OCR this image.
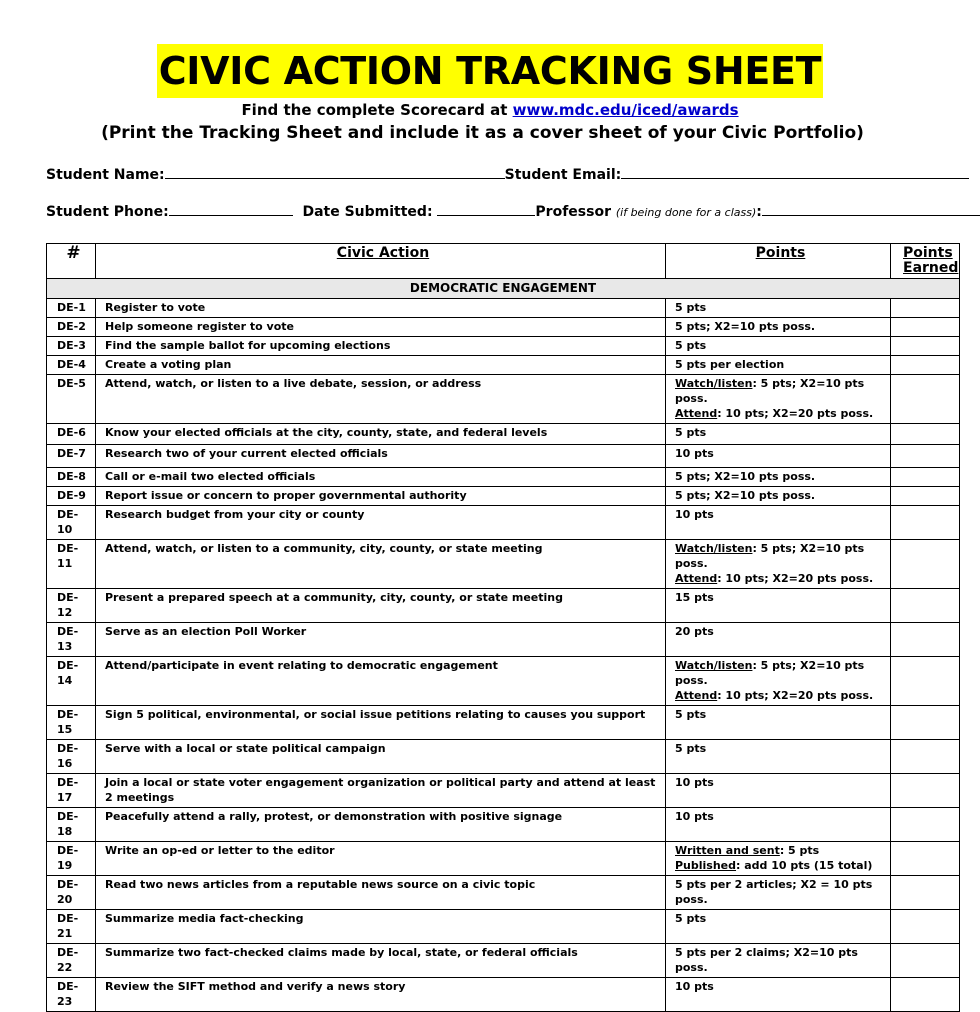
CIVIC ACTION TRACKING SHEET
Find the complete Scorecard at www.mdc.edu/iced/awards
(Print the Tracking Sheet and include it as a cover sheet of your Civic Portfolio)
Student Name:	Student Email:
Student Phone:	Date Submitted:	Professor (if being done for a class):
#	Civic Action	Points	Points Earned
DEMOCRATIC ENGAGEMENT			
DE-1	Register to vote	5 pts	
DE-2	Help someone register to vote	5 pts; X2=10 pts poss.	
DE-3	Find the sample ballot for upcoming elections	5 pts	
DE-4	Create a voting plan	5 pts per election	
DE-5	Attend, watch, or listen to a live debate, session, or address	Watch/listen: 5 pts; X2=10 pts poss.
Attend: 10 pts; X2=20 pts poss.	
DE-6	Know your elected officials at the city, county, state, and federal levels	5 pts	
DE-7	Research two of your current elected officials	10 pts	
DE-8	Call or e-mail two elected officials	5 pts; X2=10 pts poss.	
DE-9	Report issue or concern to proper governmental authority	5 pts; X2=10 pts poss.	
DE-10	Research budget from your city or county	10 pts	
DE-11	Attend, watch, or listen to a community, city, county, or state meeting	Watch/listen: 5 pts; X2=10 pts poss.
Attend: 10 pts; X2=20 pts poss.	
DE-12	Present a prepared speech at a community, city, county, or state meeting	15 pts	
DE-13	Serve as an election Poll Worker	20 pts	
DE-14	Attend/participate in event relating to democratic engagement	Watch/listen: 5 pts; X2=10 pts poss.
Attend: 10 pts; X2=20 pts poss.	
DE-15	Sign 5 political, environmental, or social issue petitions relating to causes you support	5 pts	
DE-16	Serve with a local or state political campaign	5 pts	
DE-17	Join a local or state voter engagement organization or political party and attend at least 2 meetings	10 pts	
DE-18	Peacefully attend a rally, protest, or demonstration with positive signage	10 pts	
DE-19	Write an op-ed or letter to the editor	Written and sent: 5 pts
Published: add 10 pts (15 total)	
DE-20	Read two news articles from a reputable news source on a civic topic	5 pts per 2 articles; X2 = 10 pts poss.	
DE-21	Summarize media fact-checking	5 pts	
DE-22	Summarize two fact-checked claims made by local, state, or federal officials	5 pts per 2 claims; X2=10 pts poss.	
DE-23	Review the SIFT method and verify a news story	10 pts	
